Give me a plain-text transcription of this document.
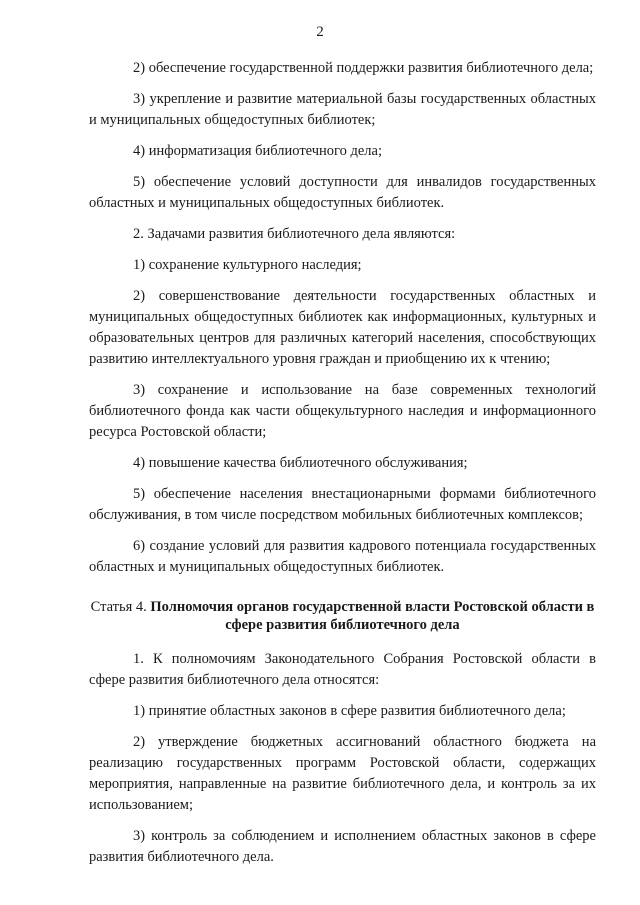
2

2) обеспечение государственной поддержки развития библиотечного дела;

3) укрепление и развитие материальной базы государственных областных и муниципальных общедоступных библиотек;

4) информатизация библиотечного дела;

5) обеспечение условий доступности для инвалидов государственных областных и муниципальных общедоступных библиотек.

2. Задачами развития библиотечного дела являются:

1) сохранение культурного наследия;

2) совершенствование деятельности государственных областных и муниципальных общедоступных библиотек как информационных, культурных и образовательных центров для различных категорий населения, способствующих развитию интеллектуального уровня граждан и приобщению их к чтению;

3) сохранение и использование на базе современных технологий библиотечного фонда как части общекультурного наследия и информационного ресурса Ростовской области;

4) повышение качества библиотечного обслуживания;

5) обеспечение населения внестационарными формами библиотечного обслуживания, в том числе посредством мобильных библиотечных комплексов;

6) создание условий для развития кадрового потенциала государственных областных и муниципальных общедоступных библиотек.

Статья 4. Полномочия органов государственной власти Ростовской области в сфере развития библиотечного дела

1. К полномочиям Законодательного Собрания Ростовской области в сфере развития библиотечного дела относятся:

1) принятие областных законов в сфере развития библиотечного дела;

2) утверждение бюджетных ассигнований областного бюджета на реализацию государственных программ Ростовской области, содержащих мероприятия, направленные на развитие библиотечного дела, и контроль за их использованием;

3) контроль за соблюдением и исполнением областных законов в сфере развития библиотечного дела.
